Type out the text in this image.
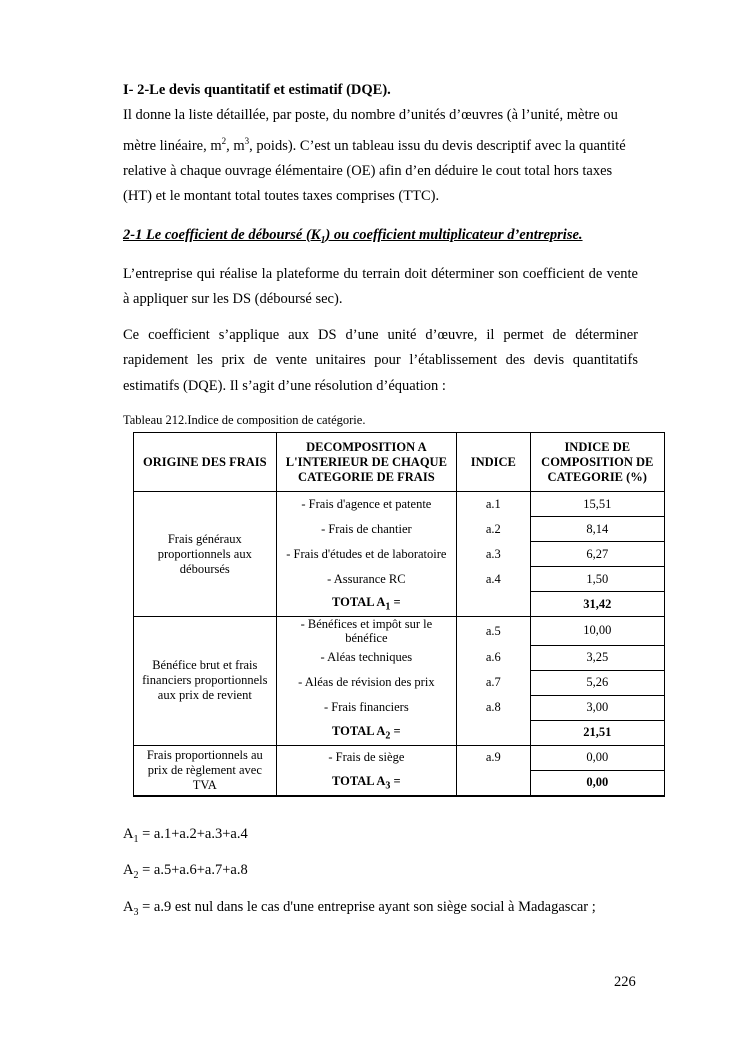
I- 2-Le devis quantitatif et estimatif (DQE).

Il donne la liste détaillée, par poste, du nombre d’unités d’œuvres (à l’unité, mètre ou
mètre linéaire, $m^2$, $m^3$, poids). C’est un tableau issu du devis descriptif avec la quantité
relative à chaque ouvrage élémentaire (OE) afin d’en déduire le cout total hors taxes
(HT) et le montant total toutes taxes comprises (TTC).

2-1 Le coefficient de déboursé $(K_1)$ ou coefficient multiplicateur d’entreprise.

L’entreprise qui réalise la plateforme du terrain doit déterminer son coefficient de vente à appliquer sur les DS (déboursé sec).

Ce coefficient s’applique aux DS d’une unité d’œuvre, il permet de déterminer rapidement les prix de vente unitaires pour l’établissement des devis quantitatifs estimatifs (DQE). Il s’agit d’une résolution d’équation :

Tableau 212.Indice de composition de catégorie.

ORIGINE DES FRAIS	DECOMPOSITION A L'INTERIEUR DE CHAQUE CATEGORIE DE FRAIS	INDICE	INDICE DE COMPOSITION DE CATEGORIE (%)
Frais généraux proportionnels aux déboursés	- Frais d'agence et patente	a.1	15,51
	- Frais de chantier	a.2	8,14
	- Frais d'études et de laboratoire	a.3	6,27
	- Assurance RC	a.4	1,50
	TOTAL $A_1$ =		31,42
Bénéfice brut et frais financiers proportionnels aux prix de revient	- Bénéfices et impôt sur le bénéfice	a.5	10,00
	- Aléas techniques	a.6	3,25
	- Aléas de révision des prix	a.7	5,26
	- Frais financiers	a.8	3,00
	TOTAL $A_2$ =		21,51
Frais proportionnels au prix de règlement avec TVA	- Frais de siège	a.9	0,00
	TOTAL $A_3$ =		0,00

$A_1 = a.1+a.2+a.3+a.4$

$A_2 = a.5+a.6+a.7+a.8$

$A_3 = a.9$ est nul dans le cas d'une entreprise ayant son siège social à Madagascar ;

226
